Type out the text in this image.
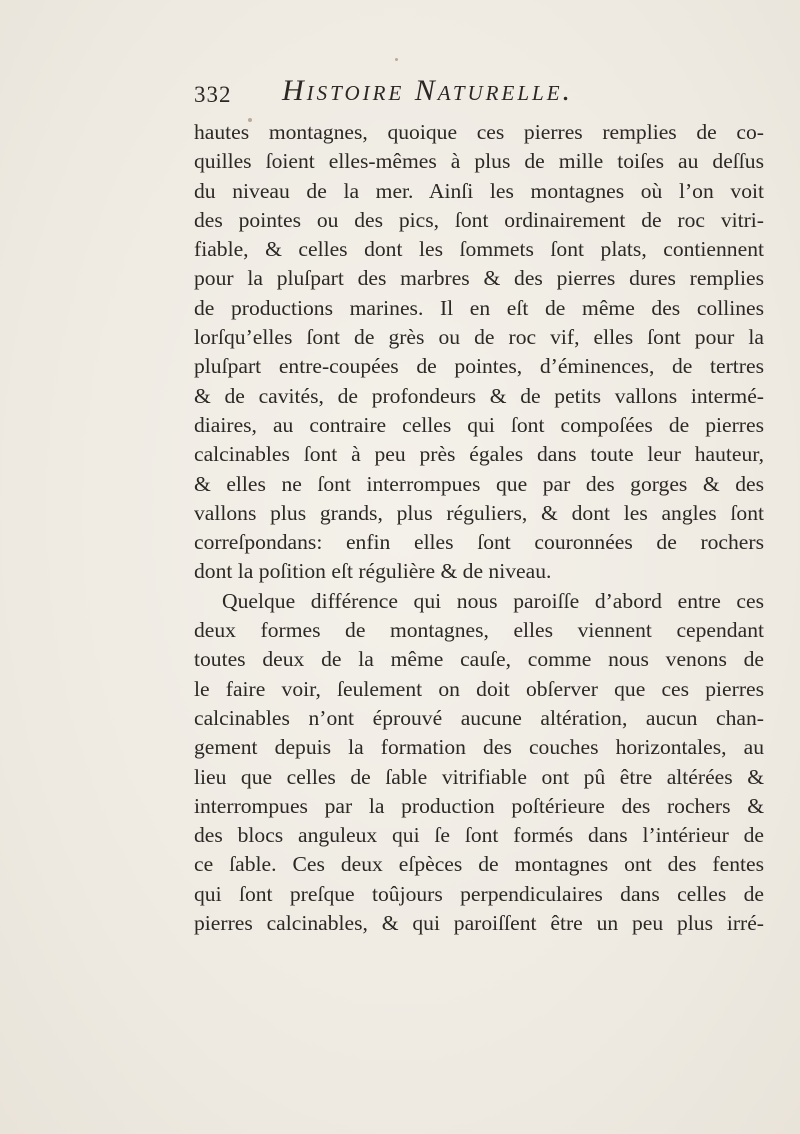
332 Histoire Naturelle.

hautes montagnes, quoique ces pierres remplies de co-
quilles ſoient elles-mêmes à plus de mille toiſes au deſſus
du niveau de la mer. Ainſi les montagnes où l’on voit
des pointes ou des pics, ſont ordinairement de roc vitri-
fiable, & celles dont les ſommets ſont plats, contiennent
pour la pluſpart des marbres & des pierres dures remplies
de productions marines. Il en eſt de même des collines
lorſqu’elles ſont de grès ou de roc vif, elles ſont pour la
pluſpart entre-coupées de pointes, d’éminences, de tertres
& de cavités, de profondeurs & de petits vallons intermé-
diaires, au contraire celles qui ſont compoſées de pierres
calcinables ſont à peu près égales dans toute leur hauteur,
& elles ne ſont interrompues que par des gorges & des
vallons plus grands, plus réguliers, & dont les angles ſont
correſpondans: enfin elles ſont couronnées de rochers
dont la poſition eſt régulière & de niveau.

Quelque différence qui nous paroiſſe d’abord entre ces
deux formes de montagnes, elles viennent cependant
toutes deux de la même cauſe, comme nous venons de
le faire voir, ſeulement on doit obſerver que ces pierres
calcinables n’ont éprouvé aucune altération, aucun chan-
gement depuis la formation des couches horizontales, au
lieu que celles de ſable vitrifiable ont pû être altérées &
interrompues par la production poſtérieure des rochers &
des blocs anguleux qui ſe ſont formés dans l’intérieur de
ce ſable. Ces deux eſpèces de montagnes ont des fentes
qui ſont preſque toûjours perpendiculaires dans celles de
pierres calcinables, & qui paroiſſent être un peu plus irré-
